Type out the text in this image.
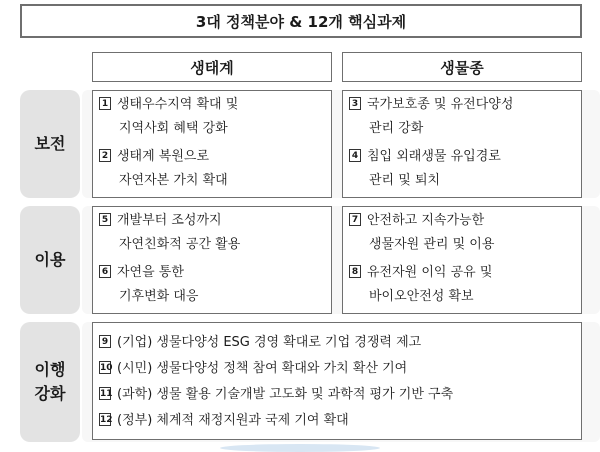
3대 정책분야 & 12개 핵심과제
생태계	생물종
보전
1 생태우수지역 확대 및
지역사회 혜택 강화
2 생태계 복원으로
자연자본 가치 확대
3 국가보호종 및 유전다양성
관리 강화
4 침입 외래생물 유입경로
관리 및 퇴치
이용
5 개발부터 조성까지
자연친화적 공간 활용
6 자연을 통한
기후변화 대응
7 안전하고 지속가능한
생물자원 관리 및 이용
8 유전자원 이익 공유 및
바이오안전성 확보
이행
강화
9 (기업) 생물다양성 ESG 경영 확대로 기업 경쟁력 제고
10 (시민) 생물다양성 정책 참여 확대와 가치 확산 기여
11 (과학) 생물 활용 기술개발 고도화 및 과학적 평가 기반 구축
12 (정부) 체계적 재정지원과 국제 기여 확대
